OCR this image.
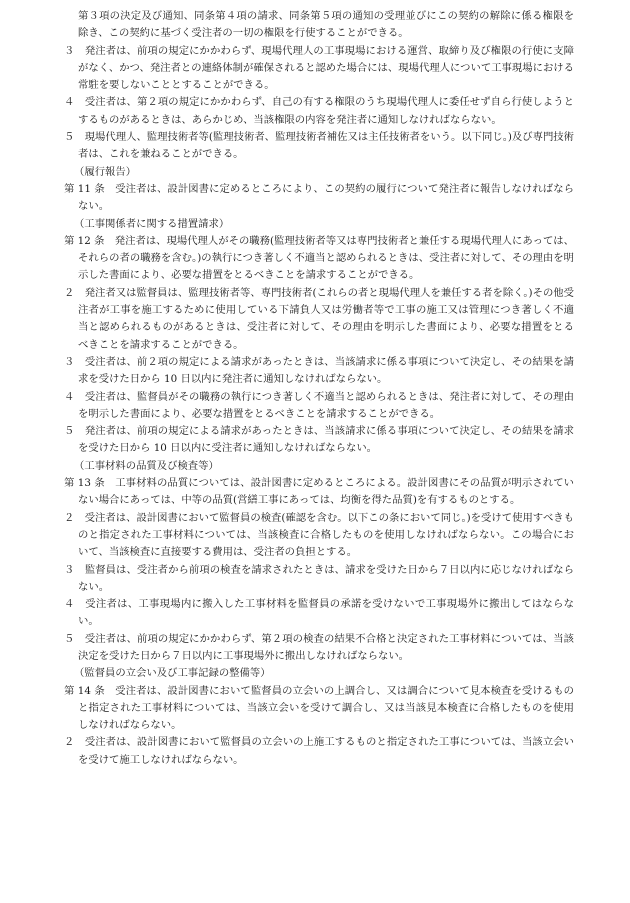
第３項の決定及び通知、同条第４項の請求、同条第５項の通知の受理並びにこの契約の解除に係る権限を除き、この契約に基づく受注者の一切の権限を行使することができる。
３　発注者は、前項の規定にかかわらず、現場代理人の工事現場における運営、取締り及び権限の行使に支障がなく、かつ、発注者との連絡体制が確保されると認めた場合には、現場代理人について工事現場における常駐を要しないこととすることができる。
４　受注者は、第２項の規定にかかわらず、自己の有する権限のうち現場代理人に委任せず自ら行使しようとするものがあるときは、あらかじめ、当該権限の内容を発注者に通知しなければならない。
５　現場代理人、監理技術者等(監理技術者、監理技術者補佐又は主任技術者をいう。以下同じ。)及び専門技術者は、これを兼ねることができる。
（履行報告）
第 11 条　受注者は、設計図書に定めるところにより、この契約の履行について発注者に報告しなければならない。
（工事関係者に関する措置請求）
第 12 条　発注者は、現場代理人がその職務(監理技術者等又は専門技術者と兼任する現場代理人にあっては、それらの者の職務を含む。)の執行につき著しく不適当と認められるときは、受注者に対して、その理由を明示した書面により、必要な措置をとるべきことを請求することができる。
２　発注者又は監督員は、監理技術者等、専門技術者(これらの者と現場代理人を兼任する者を除く。)その他受注者が工事を施工するために使用している下請負人又は労働者等で工事の施工又は管理につき著しく不適当と認められるものがあるときは、受注者に対して、その理由を明示した書面により、必要な措置をとるべきことを請求することができる。
３　受注者は、前２項の規定による請求があったときは、当該請求に係る事項について決定し、その結果を請求を受けた日から 10 日以内に発注者に通知しなければならない。
４　受注者は、監督員がその職務の執行につき著しく不適当と認められるときは、発注者に対して、その理由を明示した書面により、必要な措置をとるべきことを請求することができる。
５　発注者は、前項の規定による請求があったときは、当該請求に係る事項について決定し、その結果を請求を受けた日から 10 日以内に受注者に通知しなければならない。
（工事材料の品質及び検査等）
第 13 条　工事材料の品質については、設計図書に定めるところによる。設計図書にその品質が明示されていない場合にあっては、中等の品質(営繕工事にあっては、均衡を得た品質)を有するものとする。
２　受注者は、設計図書において監督員の検査(確認を含む。以下この条において同じ。)を受けて使用すべきものと指定された工事材料については、当該検査に合格したものを使用しなければならない。この場合において、当該検査に直接要する費用は、受注者の負担とする。
３　監督員は、受注者から前項の検査を請求されたときは、請求を受けた日から７日以内に応じなければならない。
４　受注者は、工事現場内に搬入した工事材料を監督員の承諾を受けないで工事現場外に搬出してはならない。
５　受注者は、前項の規定にかかわらず、第２項の検査の結果不合格と決定された工事材料については、当該決定を受けた日から７日以内に工事現場外に搬出しなければならない。
（監督員の立会い及び工事記録の整備等）
第 14 条　受注者は、設計図書において監督員の立会いの上調合し、又は調合について見本検査を受けるものと指定された工事材料については、当該立会いを受けて調合し、又は当該見本検査に合格したものを使用しなければならない。
２　受注者は、設計図書において監督員の立会いの上施工するものと指定された工事については、当該立会いを受けて施工しなければならない。
